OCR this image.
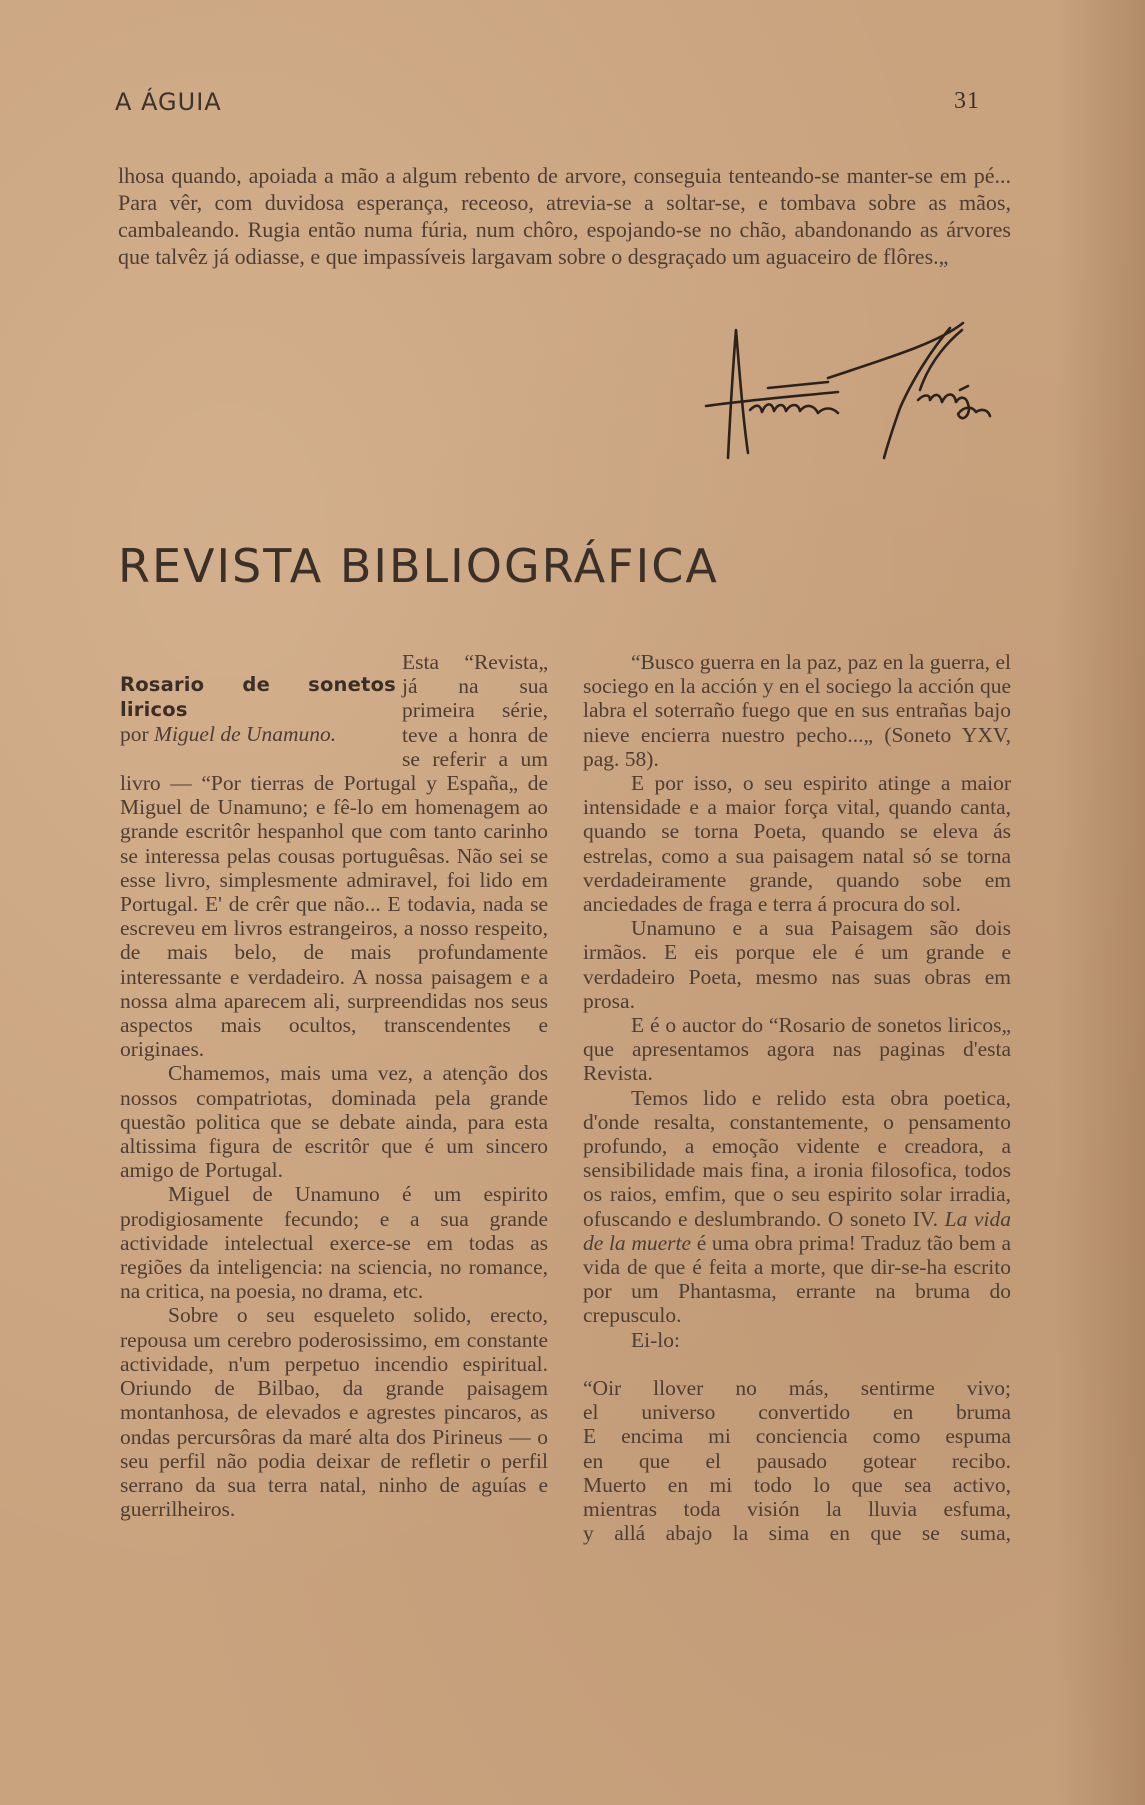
A ÁGUIA	31
lhosa quando, apoiada a mão a algum rebento de arvore, conseguia tenteando-se manter-se em pé... Para vêr, com duvidosa esperança, receoso, atrevia-se a soltar-se, e tombava sobre as mãos, cambaleando. Rugia então numa fúria, num chôro, espojando-se no chão, abandonando as árvores que talvêz já odiasse, e que impassíveis largavam sobre o desgraçado um aguaceiro de flôres.„
REVISTA BIBLIOGRÁFICA
Rosario de sonetos liricos
por Miguel de Unamuno.

Esta “Revista„ já na sua primeira série, teve a honra de se referir a um livro — “Por tierras de Portugal y España„ de Miguel de Unamuno; e fê-lo em homenagem ao grande escritôr hespanhol que com tanto carinho se interessa pelas cousas portuguêsas. Não sei se esse livro, simplesmente admiravel, foi lido em Portugal. E' de crêr que não... E todavia, nada se escreveu em livros estrangeiros, a nosso respeito, de mais belo, de mais profundamente interessante e verdadeiro. A nossa paisagem e a nossa alma aparecem ali, surpreendidas nos seus aspectos mais ocultos, transcendentes e originaes.

Chamemos, mais uma vez, a atenção dos nossos compatriotas, dominada pela grande questão politica que se debate ainda, para esta altissima figura de escritôr que é um sincero amigo de Portugal.

Miguel de Unamuno é um espirito prodigiosamente fecundo; e a sua grande actividade intelectual exerce-se em todas as regiões da inteligencia: na sciencia, no romance, na critica, na poesia, no drama, etc.

Sobre o seu esqueleto solido, erecto, repousa um cerebro poderosissimo, em constante actividade, n'um perpetuo incendio espiritual. Oriundo de Bilbao, da grande paisagem montanhosa, de elevados e agrestes pincaros, as ondas percursôras da maré alta dos Pirineus — o seu perfil não podia deixar de refletir o perfil serrano da sua terra natal, ninho de aguías e guerrilheiros.

“Busco guerra en la paz, paz en la guerra, el sociego en la acción y en el sociego la acción que labra el soterraño fuego que en sus entrañas bajo nieve encierra nuestro pecho...„ (Soneto YXV, pag. 58).

E por isso, o seu espirito atinge a maior intensidade e a maior força vital, quando canta, quando se torna Poeta, quando se eleva ás estrelas, como a sua paisagem natal só se torna verdadeiramente grande, quando sobe em anciedades de fraga e terra á procura do sol.

Unamuno e a sua Paisagem são dois irmãos. E eis porque ele é um grande e verdadeiro Poeta, mesmo nas suas obras em prosa.

E é o auctor do “Rosario de sonetos liricos„ que apresentamos agora nas paginas d'esta Revista.

Temos lido e relido esta obra poetica, d'onde resalta, constantemente, o pensamento profundo, a emoção vidente e creadora, a sensibilidade mais fina, a ironia filosofica, todos os raios, emfim, que o seu espirito solar irradia, ofuscando e deslumbrando. O soneto IV. La vida de la muerte é uma obra prima! Traduz tão bem a vida de que é feita a morte, que dir-se-ha escrito por um Phantasma, errante na bruma do crepusculo.

Ei-lo:

“Oir llover no más, sentirme vivo;
el universo convertido en bruma
E encima mi conciencia como espuma
en que el pausado gotear recibo.
Muerto en mi todo lo que sea activo,
mientras toda visión la lluvia esfuma,
y allá abajo la sima en que se suma,
